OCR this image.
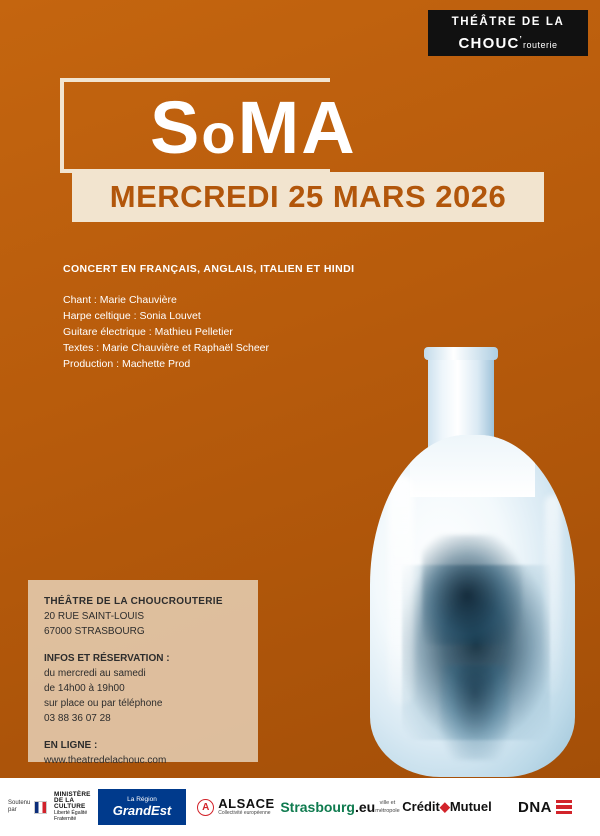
THÉÂTRE DE LA
CHOUC’routerie
SoMA
MERCREDI 25 MARS 2026
CONCERT EN FRANÇAIS, ANGLAIS, ITALIEN ET HINDI
Chant : Marie Chauvière
Harpe celtique : Sonia Louvet
Guitare électrique : Mathieu Pelletier
Textes : Marie Chauvière et Raphaël Scheer
Production : Machette Prod
THÉÂTRE DE LA CHOUCROUTERIE
20 RUE SAINT-LOUIS
67000 STRASBOURG
INFOS ET RÉSERVATION :
du mercredi au samedi
de 14h00 à 19h00
sur place ou par téléphone
03 88 36 07 28
EN LIGNE :
www.theatredelachouc.com
Soutenu
par
MINISTÈRE
DE LA CULTURE
Liberté Égalité Fraternité
La Région
GrandEst	A ALSACE
Collectivité européenne Strasbourg.eu ville et métropole Crédit◆Mutuel DNA
